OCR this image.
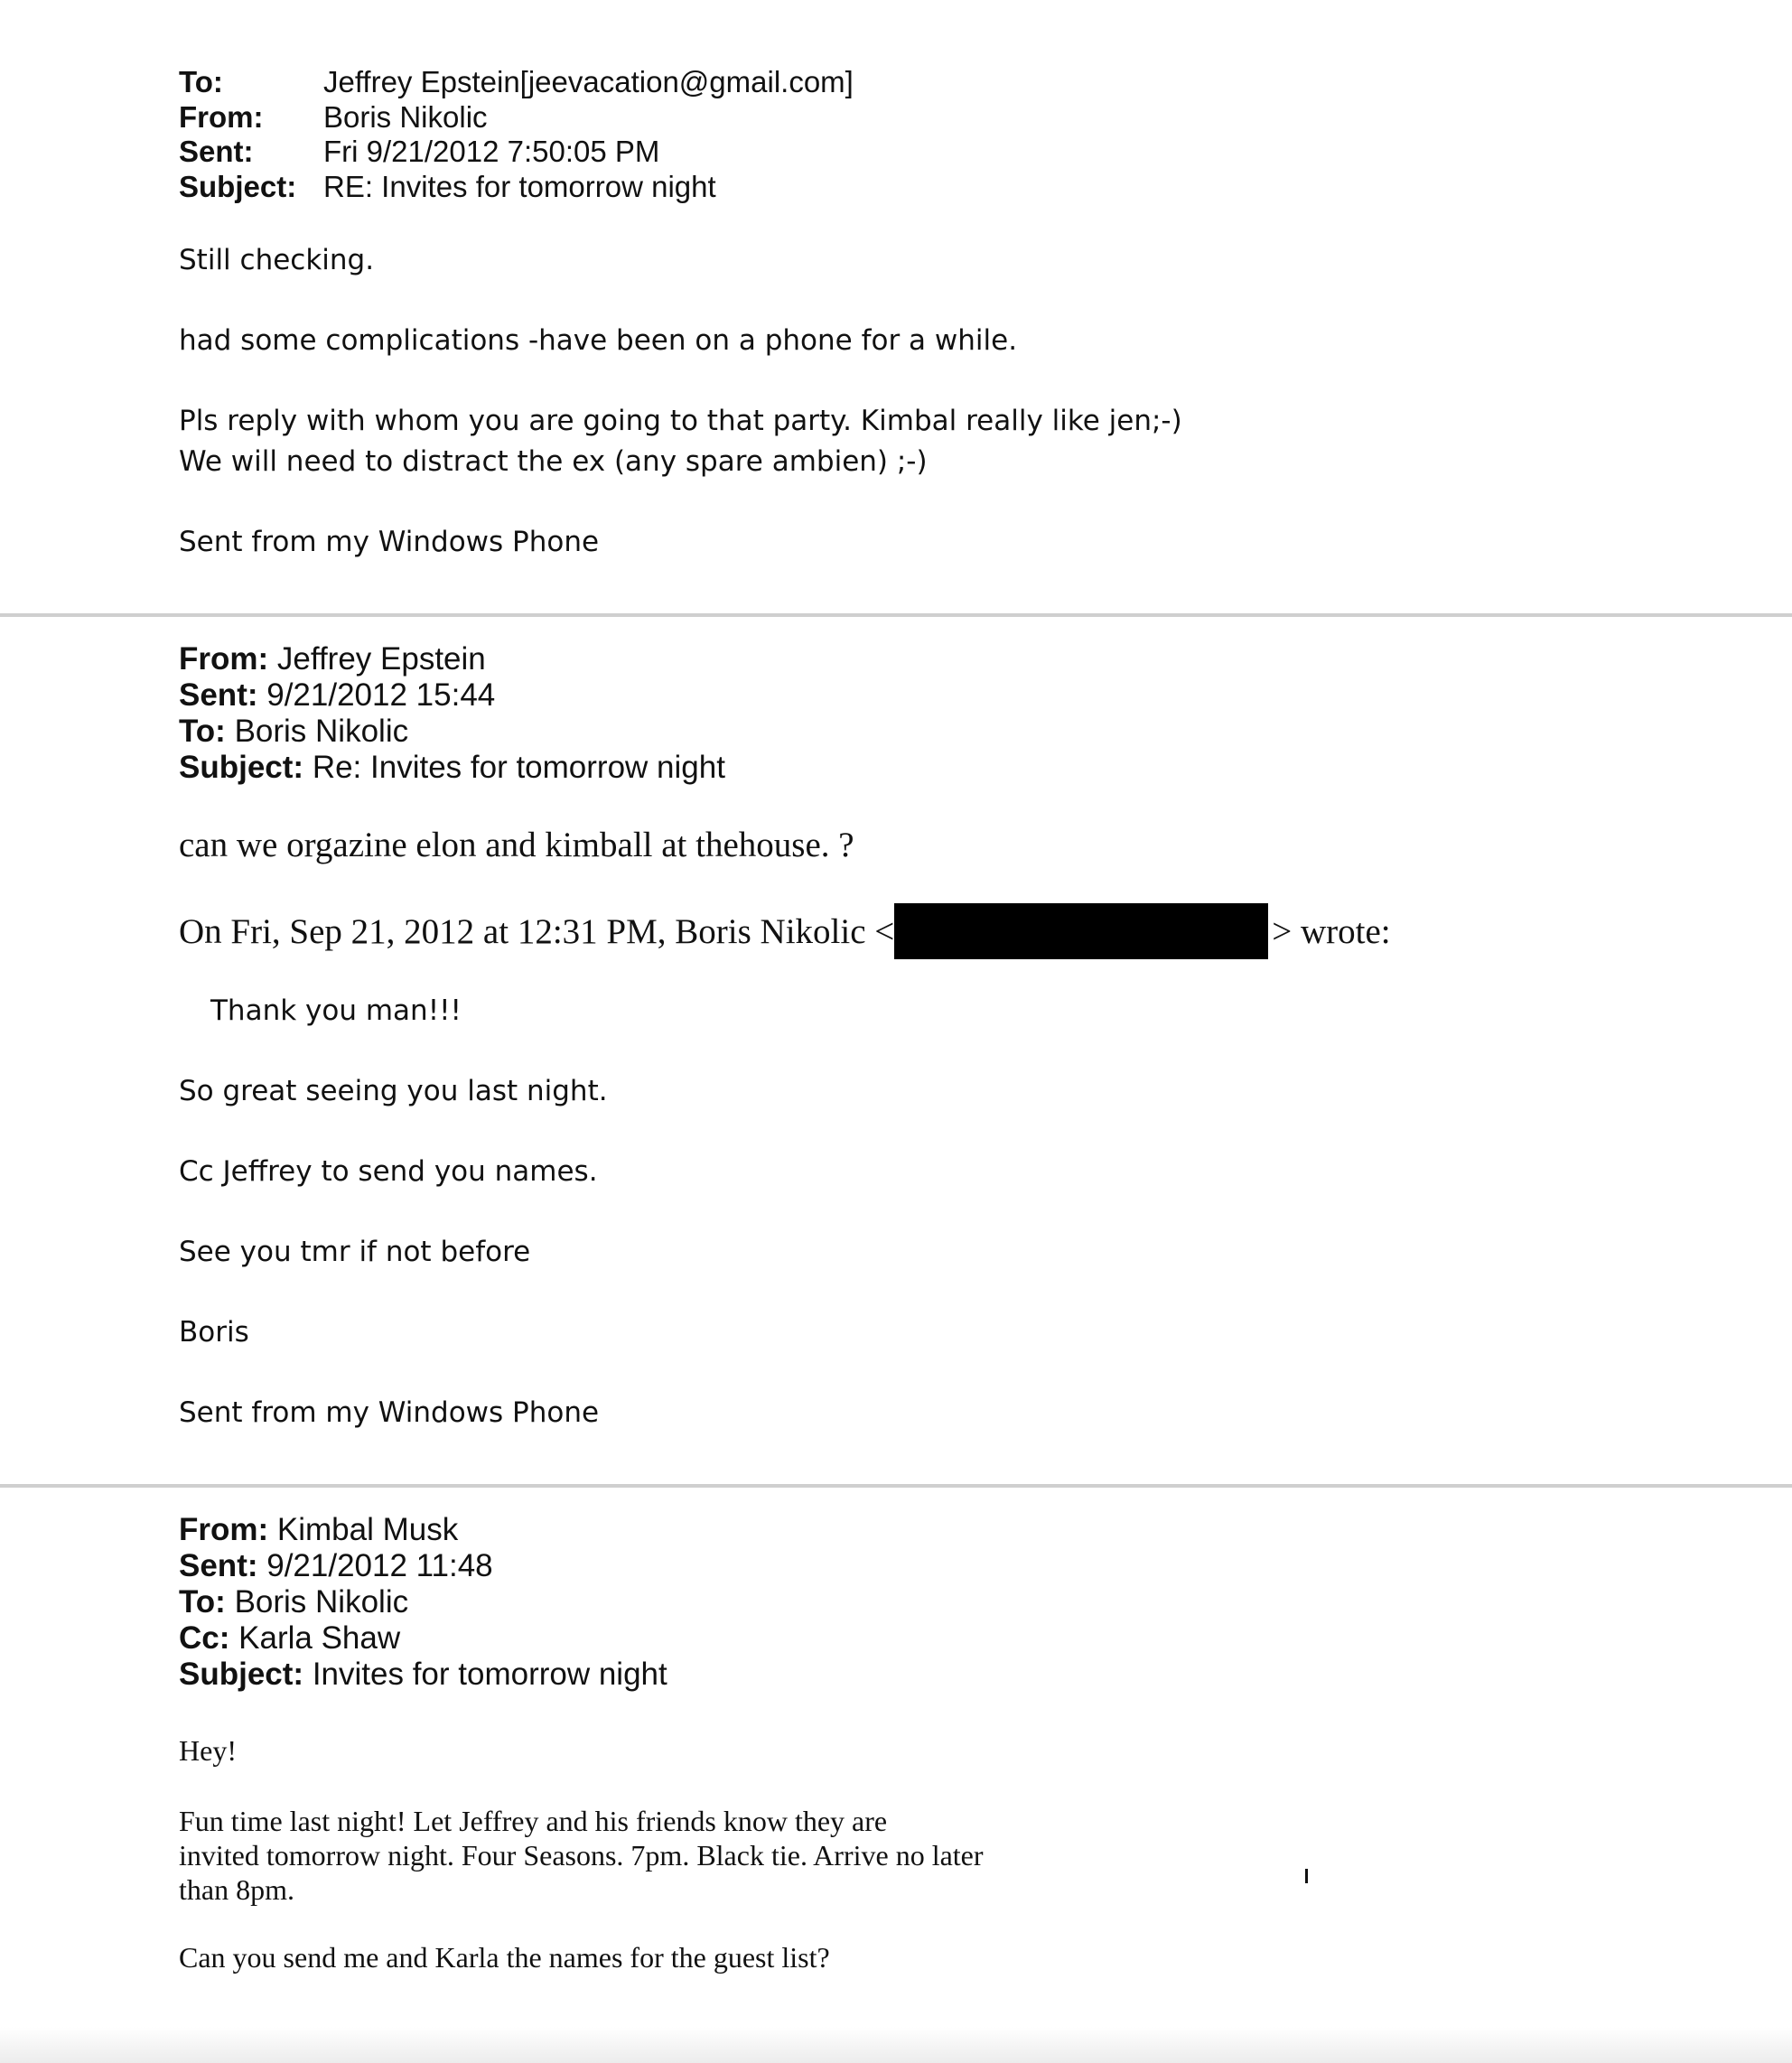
To:	Jeffrey Epstein[jeevacation@gmail.com]
From:	Boris Nikolic
Sent:	Fri 9/21/2012 7:50:05 PM
Subject: RE: Invites for tomorrow night
Still checking.
had some complications -have been on a phone for a while.
Pls reply with whom you are going to that party. Kimbal really like jen;-)
We will need to distract the ex (any spare ambien) ;-)
Sent from my Windows Phone
From: Jeffrey Epstein
Sent: 9/21/2012 15:44
To: Boris Nikolic
Subject: Re: Invites for tomorrow night
can we orgazine elon and kimball at thehouse. ?
On Fri, Sep 21, 2012 at 12:31 PM, Boris Nikolic <	> wrote:
Thank you man!!!
So great seeing you last night.
Cc Jeffrey to send you names.
See you tmr if not before
Boris
Sent from my Windows Phone
From: Kimbal Musk
Sent: 9/21/2012 11:48
To: Boris Nikolic
Cc: Karla Shaw
Subject: Invites for tomorrow night
Hey!
Fun time last night! Let Jeffrey and his friends know they are
invited tomorrow night. Four Seasons. 7pm. Black tie. Arrive no later
than 8pm.
Can you send me and Karla the names for the guest list?
